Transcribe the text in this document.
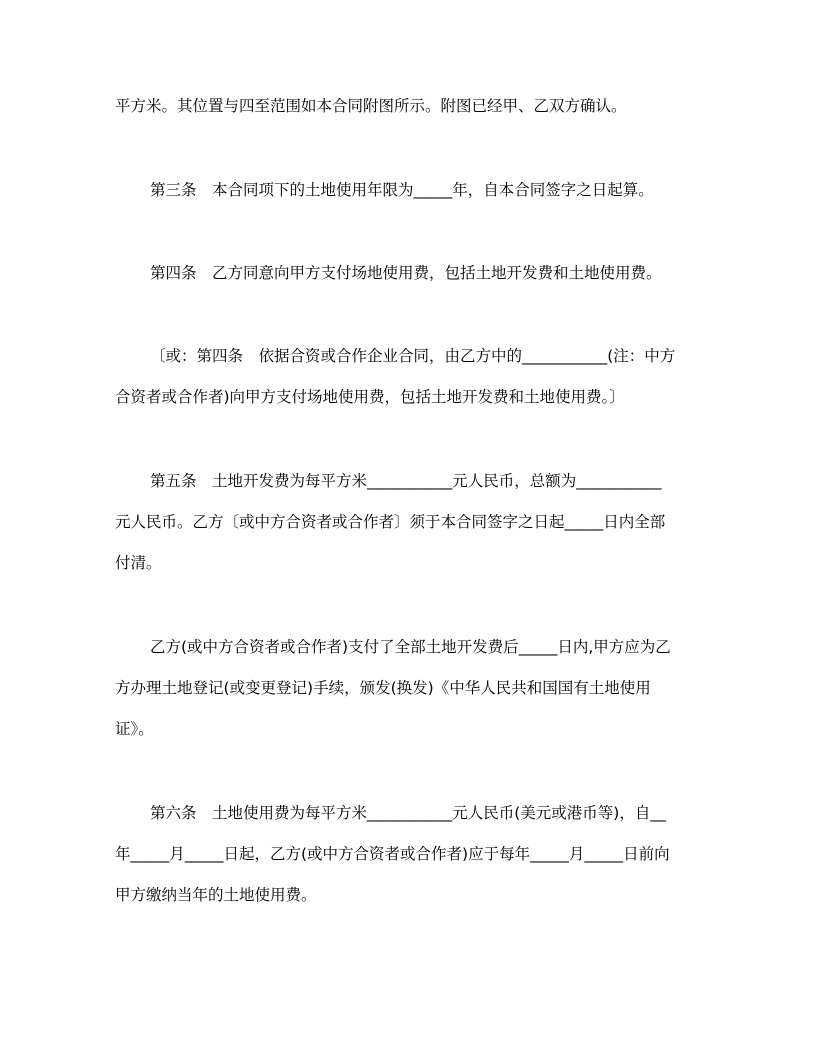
平方米。其位置与四至范围如本合同附图所示。附图已经甲、乙双方确认。
第三条　本合同项下的土地使用年限为_____年，自本合同签字之日起算。
第四条　乙方同意向甲方支付场地使用费，包括土地开发费和土地使用费。
〔或：第四条　依据合资或合作企业合同，由乙方中的___________(注：中方
合资者或合作者)向甲方支付场地使用费，包括土地开发费和土地使用费。〕
第五条　土地开发费为每平方米___________元人民币，总额为___________
元人民币。乙方〔或中方合资者或合作者〕须于本合同签字之日起_____日内全部
付清。
乙方(或中方合资者或合作者)支付了全部土地开发费后_____日内,甲方应为乙
方办理土地登记(或变更登记)手续，颁发(换发)《中华人民共和国国有土地使用
证》。
第六条　土地使用费为每平方米___________元人民币(美元或港币等)，自__
年_____月_____日起，乙方(或中方合资者或合作者)应于每年_____月_____日前向
甲方缴纳当年的土地使用费。
